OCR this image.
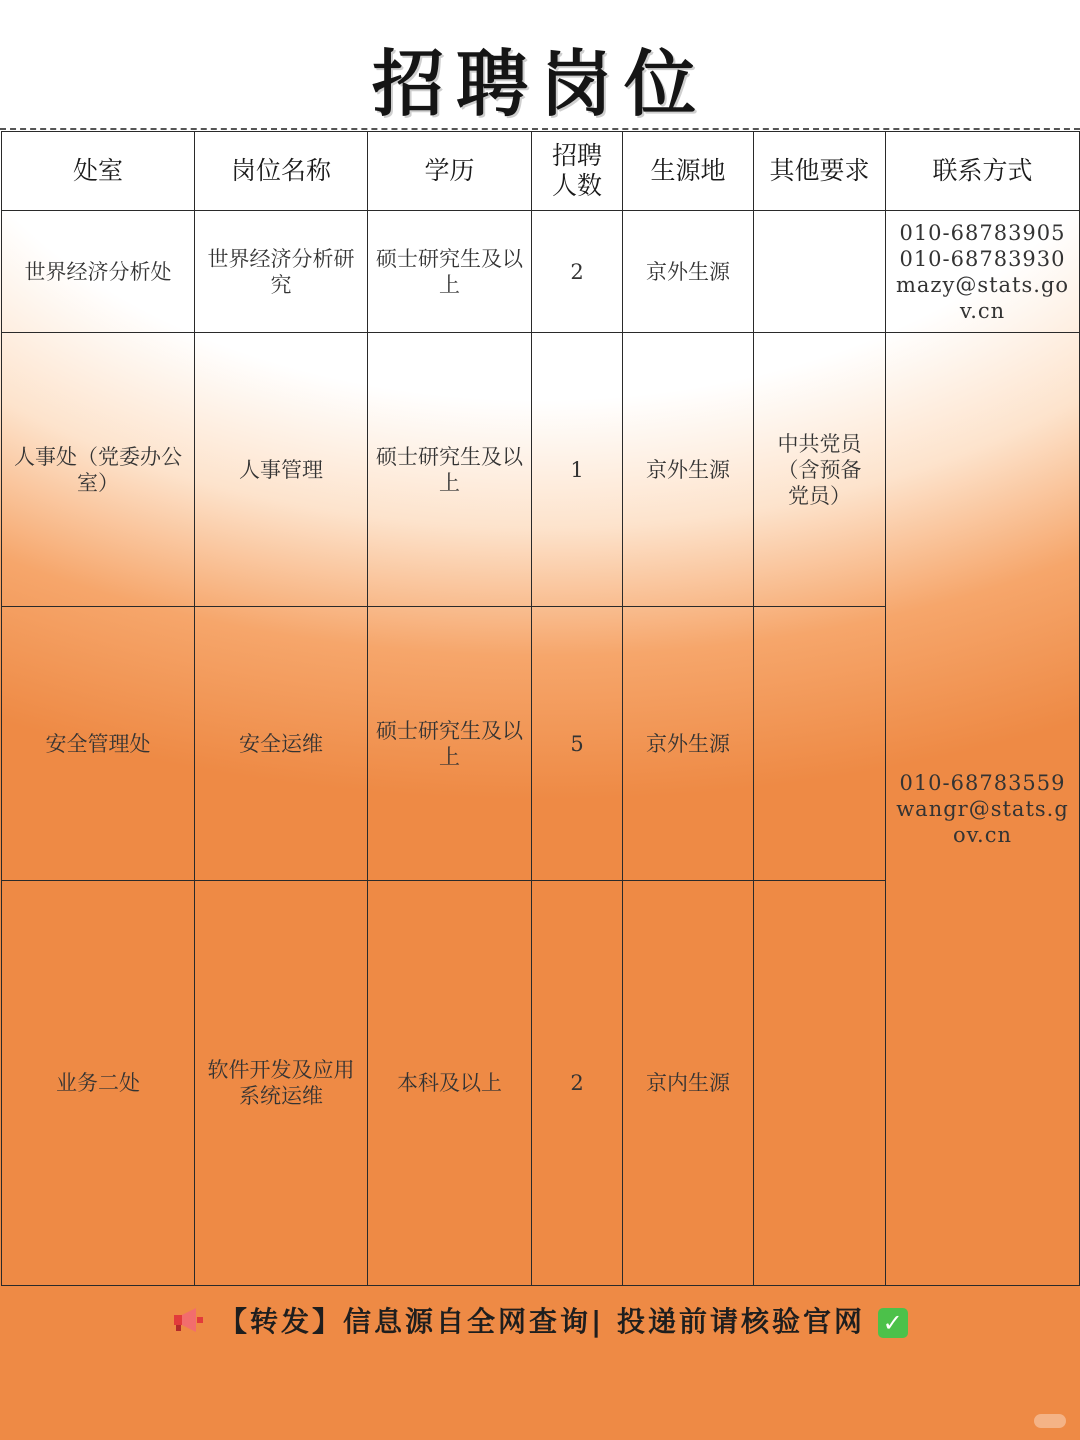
招聘岗位
处室	岗位名称	学历	招聘人数	生源地	其他要求	联系方式
世界经济分析处	世界经济分析研究	硕士研究生及以上	2	京外生源		010-68783905
010-68783930
mazy@stats.gov.cn

人事处（党委办公室）	人事管理	硕士研究生及以上	1	京外生源	中共党员（含预备党员）	010-68783559
wangr@stats.gov.cn

安全管理处	安全运维	硕士研究生及以上	5	京外生源		
业务二处	软件开发及应用系统运维	本科及以上	2	京内生源		
【转发】信息源自全网查询| 投递前请核验官网 ✓
